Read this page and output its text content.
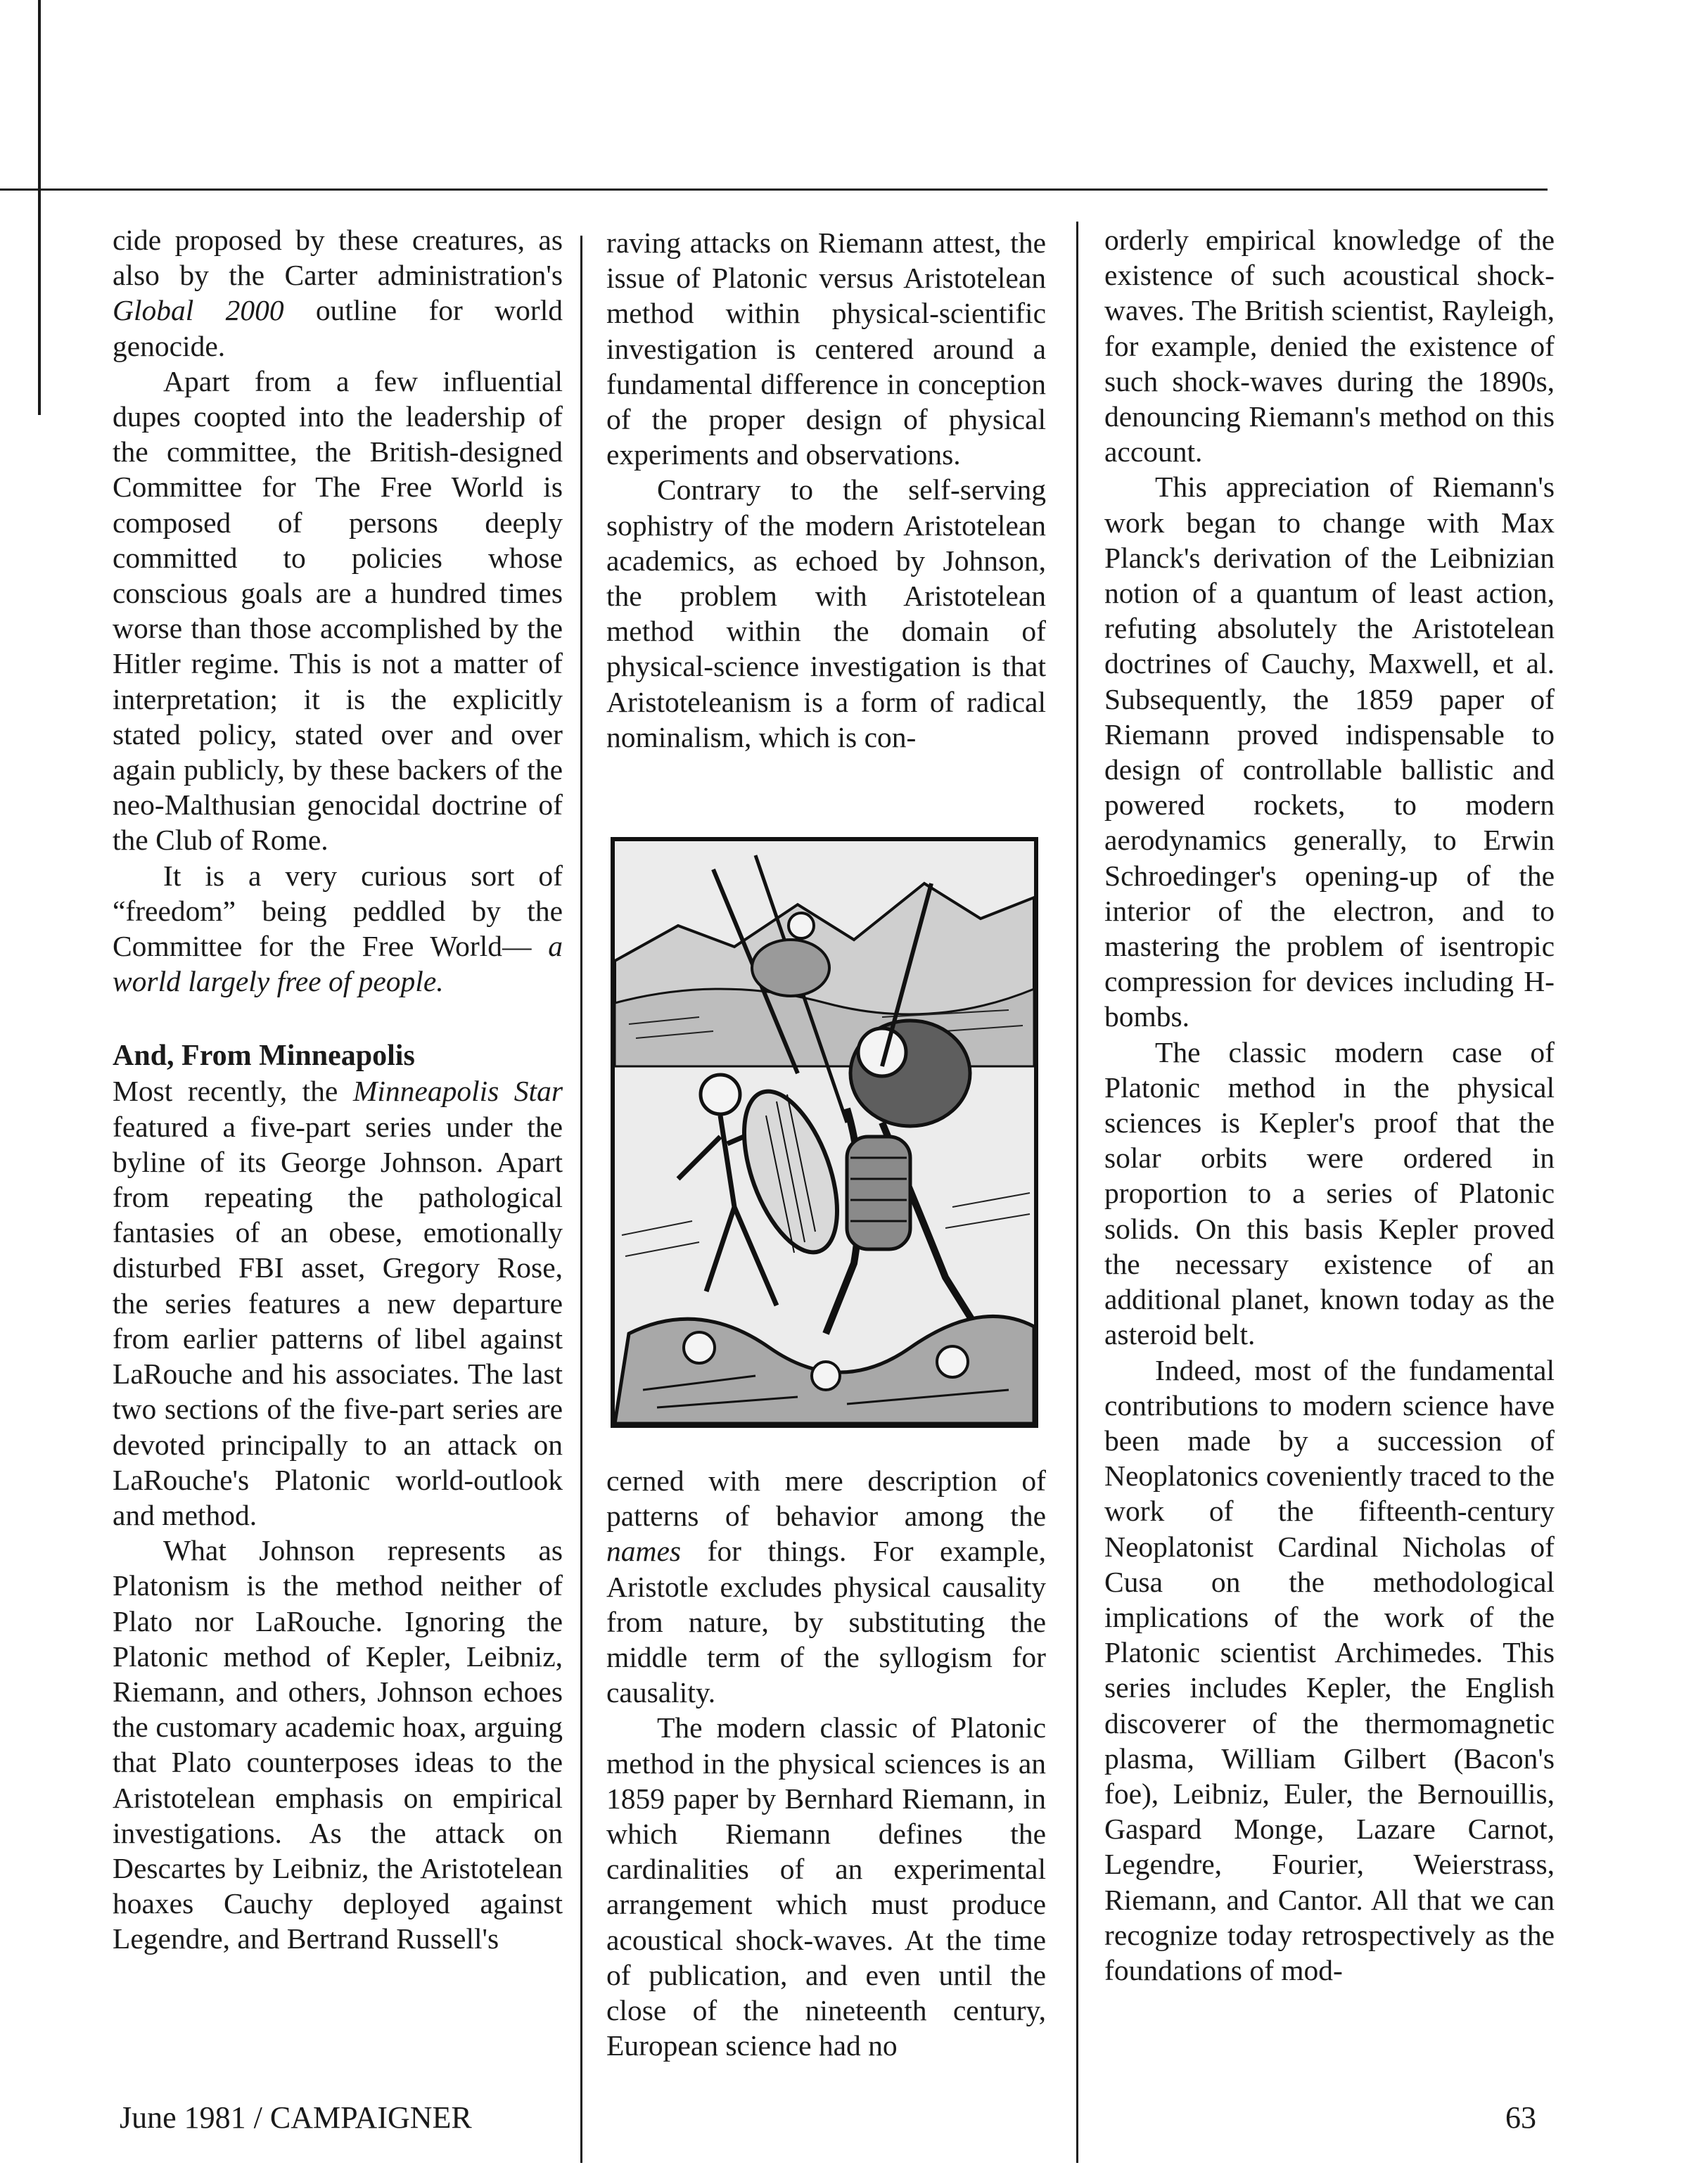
cide proposed by these creatures, as also by the Carter administration's Global 2000 outline for world genocide.

Apart from a few influential dupes coopted into the leadership of the committee, the British-designed Committee for The Free World is composed of persons deeply committed to policies whose conscious goals are a hundred times worse than those accomplished by the Hitler regime. This is not a matter of interpretation; it is the explicitly stated policy, stated over and over again publicly, by these backers of the neo-Malthusian genocidal doctrine of the Club of Rome.

It is a very curious sort of “freedom” being peddled by the Committee for the Free World— a world largely free of people.

And, From Minneapolis

Most recently, the Minneapolis Star featured a five-part series under the byline of its George Johnson. Apart from repeating the pathological fantasies of an obese, emotionally disturbed FBI asset, Gregory Rose, the series features a new departure from earlier patterns of libel against LaRouche and his associates. The last two sections of the five-part series are devoted principally to an attack on LaRouche's Platonic world-outlook and method.

What Johnson represents as Platonism is the method neither of Plato nor LaRouche. Ignoring the Platonic method of Kepler, Leibniz, Riemann, and others, Johnson echoes the customary academic hoax, arguing that Plato counterposes ideas to the Aristotelean emphasis on empirical investigations. As the attack on Descartes by Leibniz, the Aristotelean hoaxes Cauchy deployed against Legendre, and Bertrand Russell's

raving attacks on Riemann attest, the issue of Platonic versus Aristotelean method within physical-scientific investigation is centered around a fundamental difference in conception of the proper design of physical experiments and observations.

Contrary to the self-serving sophistry of the modern Aristotelean academics, as echoed by Johnson, the problem with Aristotelean method within the domain of physical-science investigation is that Aristoteleanism is a form of radical nominalism, which is con-

cerned with mere description of patterns of behavior among the names for things. For example, Aristotle excludes physical causality from nature, by substituting the middle term of the syllogism for causality.

The modern classic of Platonic method in the physical sciences is an 1859 paper by Bernhard Riemann, in which Riemann defines the cardinalities of an experimental arrangement which must produce acoustical shock-waves. At the time of publication, and even until the close of the nineteenth century, European science had no

orderly empirical knowledge of the existence of such acoustical shock-waves. The British scientist, Rayleigh, for example, denied the existence of such shock-waves during the 1890s, denouncing Riemann's method on this account.

This appreciation of Riemann's work began to change with Max Planck's derivation of the Leibnizian notion of a quantum of least action, refuting absolutely the Aristotelean doctrines of Cauchy, Maxwell, et al. Subsequently, the 1859 paper of Riemann proved indispensable to design of controllable ballistic and powered rockets, to modern aerodynamics generally, to Erwin Schroedinger's opening-up of the interior of the electron, and to mastering the problem of isentropic compression for devices including H-bombs.

The classic modern case of Platonic method in the physical sciences is Kepler's proof that the solar orbits were ordered in proportion to a series of Platonic solids. On this basis Kepler proved the necessary existence of an additional planet, known today as the asteroid belt.

Indeed, most of the fundamental contributions to modern science have been made by a succession of Neoplatonics coveniently traced to the work of the fifteenth-century Neoplatonist Cardinal Nicholas of Cusa on the methodological implications of the work of the Platonic scientist Archimedes. This series includes Kepler, the English discoverer of the thermomagnetic plasma, William Gilbert (Bacon's foe), Leibniz, Euler, the Bernouillis, Gaspard Monge, Lazare Carnot, Legendre, Fourier, Weierstrass, Riemann, and Cantor. All that we can recognize today retrospectively as the foundations of mod-

June 1981 / CAMPAIGNER	63
